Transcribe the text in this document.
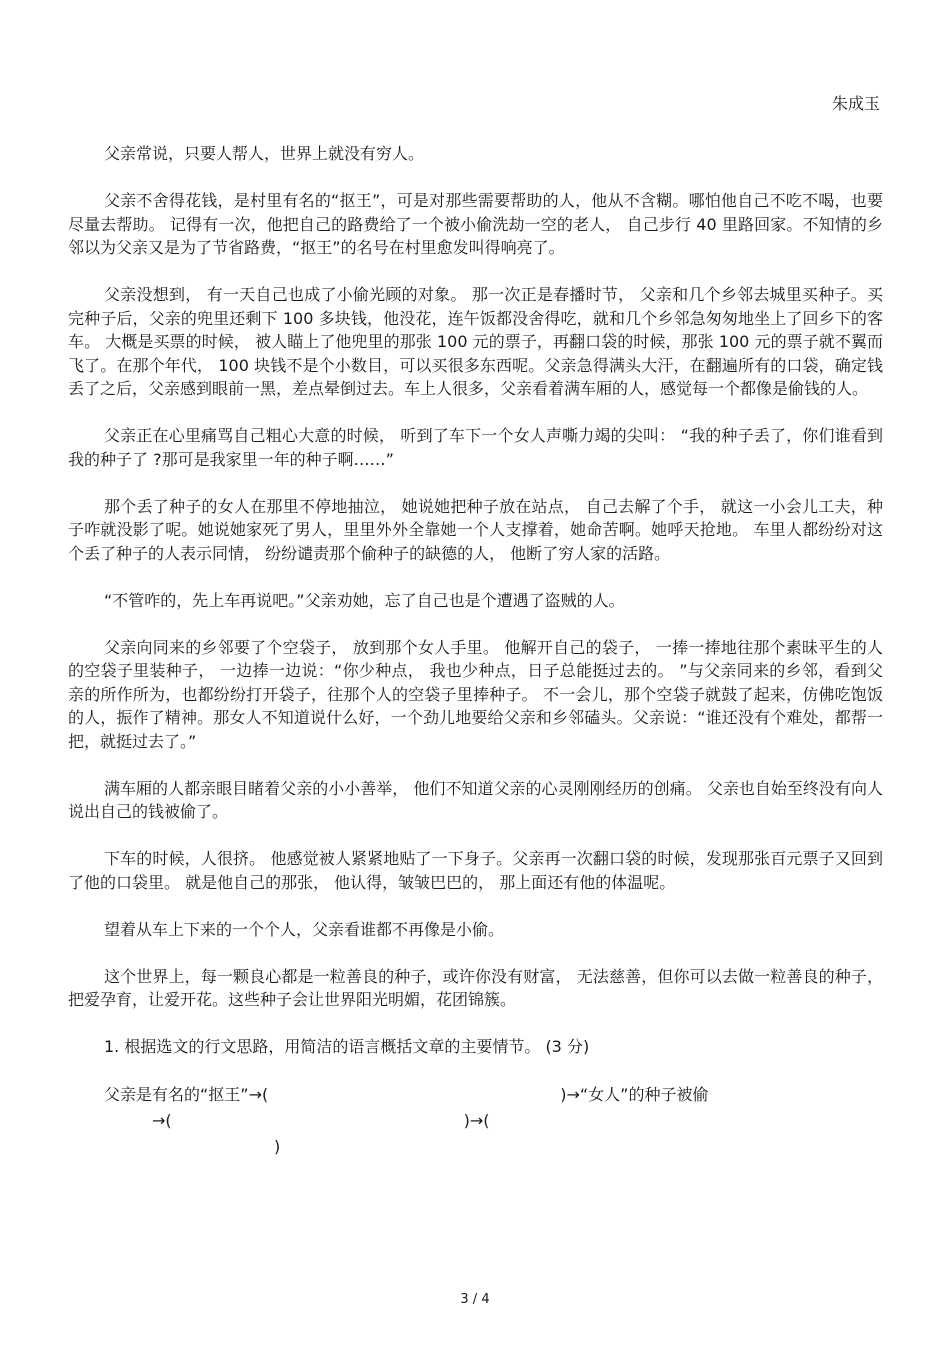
朱成玉

父亲常说，只要人帮人，世界上就没有穷人。

父亲不舍得花钱，是村里有名的“抠王”，可是对那些需要帮助的人，他从不含糊。哪怕他自己不吃不喝，也要尽量去帮助。 记得有一次，他把自己的路费给了一个被小偷洗劫一空的老人， 自己步行 40 里路回家。不知情的乡邻以为父亲又是为了节省路费，“抠王”的名号在村里愈发叫得响亮了。

父亲没想到， 有一天自己也成了小偷光顾的对象。 那一次正是春播时节， 父亲和几个乡邻去城里买种子。买完种子后，父亲的兜里还剩下 100 多块钱，他没花，连午饭都没舍得吃，就和几个乡邻急匆匆地坐上了回乡下的客车。 大概是买票的时候， 被人瞄上了他兜里的那张 100 元的票子，再翻口袋的时候，那张 100 元的票子就不翼而飞了。在那个年代， 100 块钱不是个小数目，可以买很多东西呢。父亲急得满头大汗，在翻遍所有的口袋，确定钱丢了之后，父亲感到眼前一黑，差点晕倒过去。车上人很多，父亲看着满车厢的人，感觉每一个都像是偷钱的人。

父亲正在心里痛骂自己粗心大意的时候， 听到了车下一个女人声嘶力竭的尖叫： “我的种子丢了，你们谁看到我的种子了 ?那可是我家里一年的种子啊……”

那个丢了种子的女人在那里不停地抽泣， 她说她把种子放在站点， 自己去解了个手， 就这一小会儿工夫，种子咋就没影了呢。她说她家死了男人，里里外外全靠她一个人支撑着，她命苦啊。她呼天抢地。 车里人都纷纷对这个丢了种子的人表示同情， 纷纷谴责那个偷种子的缺德的人， 他断了穷人家的活路。

“不管咋的，先上车再说吧。”父亲劝她，忘了自己也是个遭遇了盗贼的人。

父亲向同来的乡邻要了个空袋子， 放到那个女人手里。 他解开自己的袋子， 一捧一捧地往那个素昧平生的人的空袋子里装种子， 一边捧一边说：“你少种点， 我也少种点，日子总能挺过去的。 ”与父亲同来的乡邻，看到父亲的所作所为，也都纷纷打开袋子，往那个人的空袋子里捧种子。 不一会儿，那个空袋子就鼓了起来，仿佛吃饱饭的人，振作了精神。那女人不知道说什么好，一个劲儿地要给父亲和乡邻磕头。父亲说：“谁还没有个难处，都帮一把，就挺过去了。”

满车厢的人都亲眼目睹着父亲的小小善举， 他们不知道父亲的心灵刚刚经历的创痛。 父亲也自始至终没有向人说出自己的钱被偷了。

下车的时候，人很挤。 他感觉被人紧紧地贴了一下身子。父亲再一次翻口袋的时候，发现那张百元票子又回到了他的口袋里。 就是他自己的那张， 他认得，皱皱巴巴的， 那上面还有他的体温呢。

望着从车上下来的一个个人，父亲看谁都不再像是小偷。

这个世界上，每一颗良心都是一粒善良的种子，或许你没有财富， 无法慈善，但你可以去做一粒善良的种子，把爱孕育，让爱开花。这些种子会让世界阳光明媚，花团锦簇。

1. 根据选文的行文思路，用简洁的语言概括文章的主要情节。 (3 分)

父亲是有名的“抠王”→(	)→“女人”的种子被偷

→(	)→(

)

3 / 4
